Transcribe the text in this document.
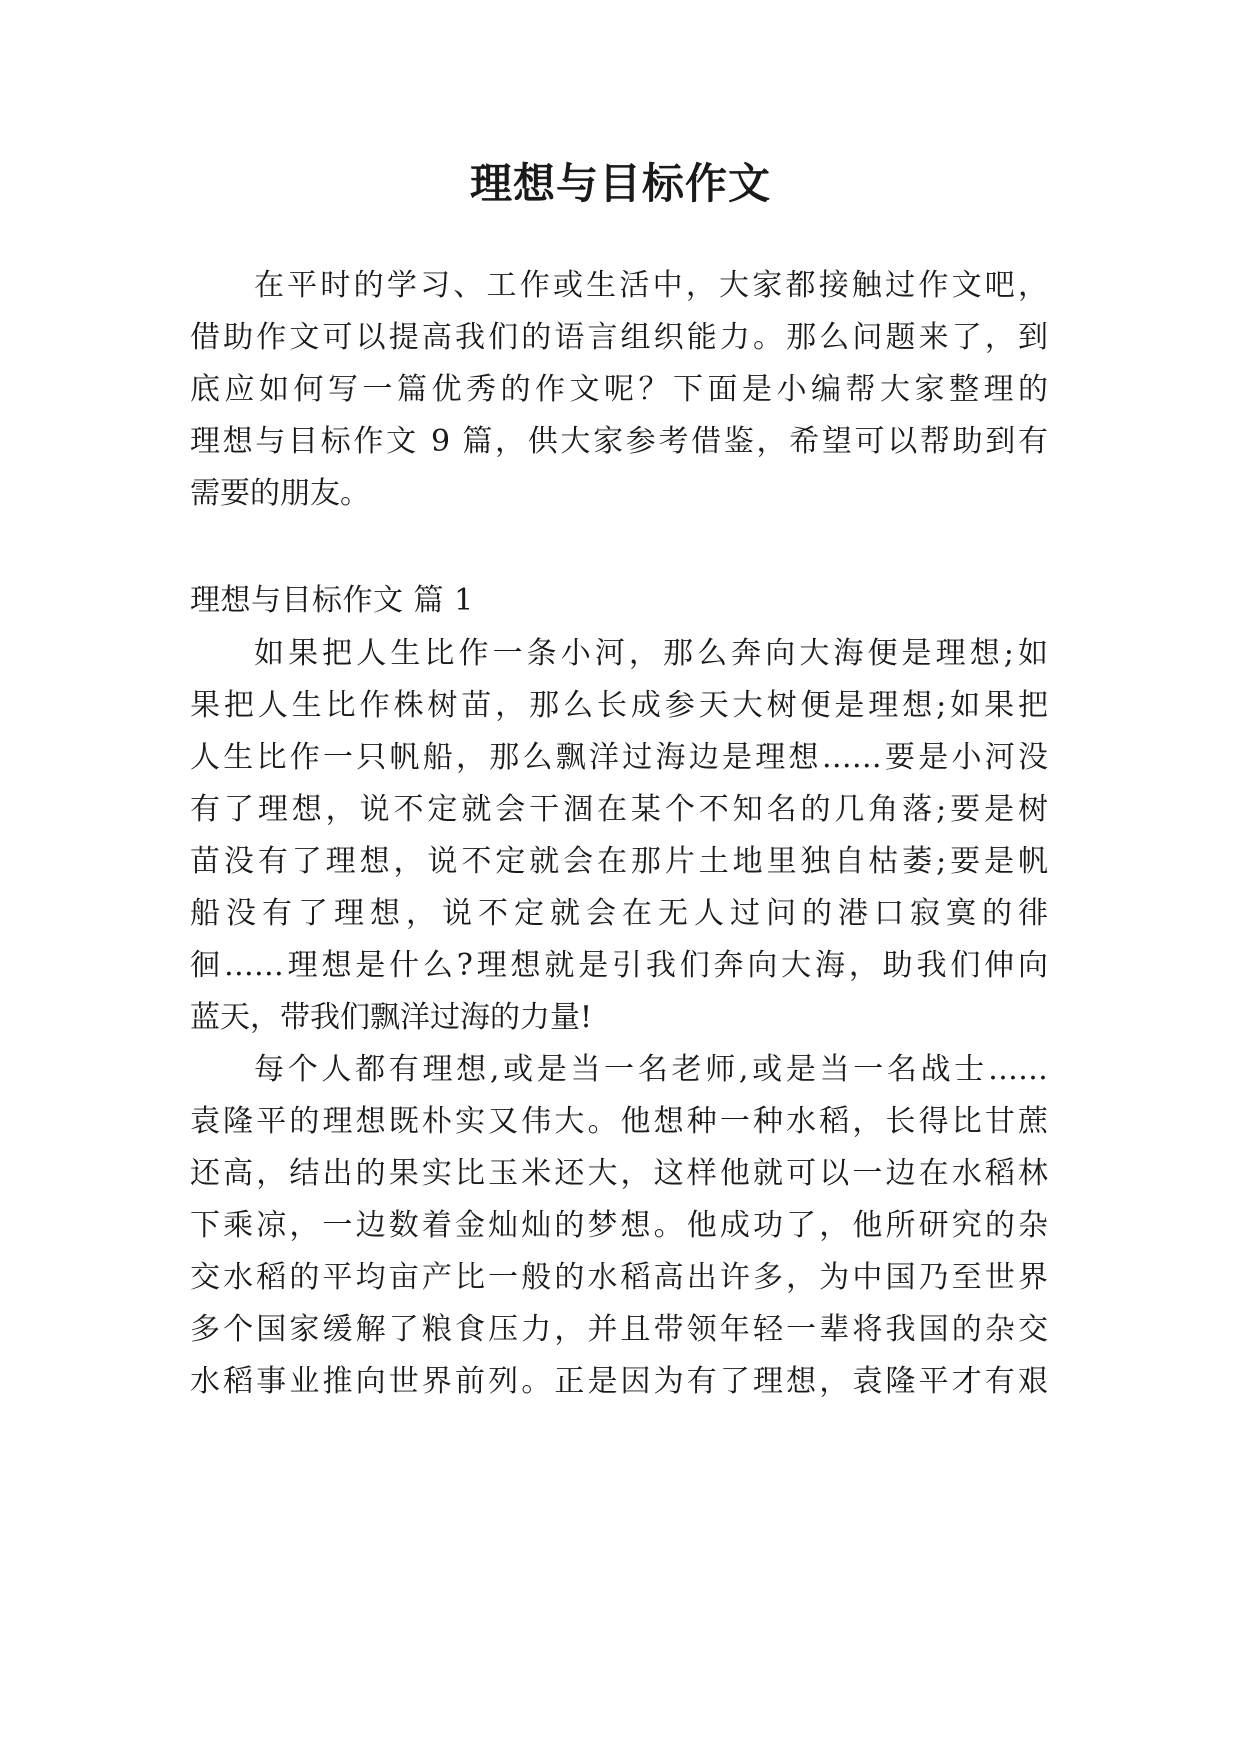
理想与目标作文
在平时的学习、工作或生活中，大家都接触过作文吧，
借助作文可以提高我们的语言组织能力。那么问题来了，到
底应如何写一篇优秀的作文呢？下面是小编帮大家整理的
理想与目标作文 9 篇，供大家参考借鉴，希望可以帮助到有
需要的朋友。
理想与目标作文 篇 1
如果把人生比作一条小河，那么奔向大海便是理想;如
果把人生比作株树苗，那么长成参天大树便是理想;如果把
人生比作一只帆船，那么飘洋过海边是理想……要是小河没
有了理想，说不定就会干涸在某个不知名的几角落;要是树
苗没有了理想，说不定就会在那片土地里独自枯萎;要是帆
船没有了理想，说不定就会在无人过问的港口寂寞的徘
徊……理想是什么?理想就是引我们奔向大海，助我们伸向
蓝天，带我们飘洋过海的力量!
每个人都有理想,或是当一名老师,或是当一名战士……
袁隆平的理想既朴实又伟大。他想种一种水稻，长得比甘蔗
还高，结出的果实比玉米还大，这样他就可以一边在水稻林
下乘凉，一边数着金灿灿的梦想。他成功了，他所研究的杂
交水稻的平均亩产比一般的水稻高出许多，为中国乃至世界
多个国家缓解了粮食压力，并且带领年轻一辈将我国的杂交
水稻事业推向世界前列。正是因为有了理想，袁隆平才有艰
